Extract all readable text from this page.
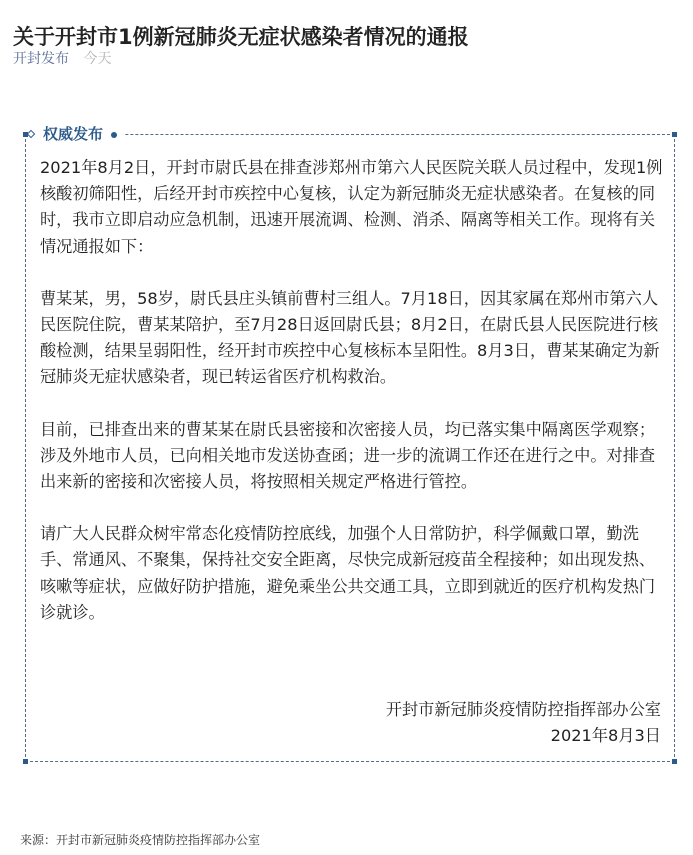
关于开封市1例新冠肺炎无症状感染者情况的通报
开封发布 今天
权威发布

2021年8月2日，开封市尉氏县在排查涉郑州市第六人民医院关联人员过程中，发现1例核酸初筛阳性，后经开封市疾控中心复核，认定为新冠肺炎无症状感染者。在复核的同时，我市立即启动应急机制，迅速开展流调、检测、消杀、隔离等相关工作。现将有关情况通报如下：

曹某某，男，58岁，尉氏县庄头镇前曹村三组人。7月18日，因其家属在郑州市第六人民医院住院，曹某某陪护，至7月28日返回尉氏县；8月2日，在尉氏县人民医院进行核酸检测，结果呈弱阳性，经开封市疾控中心复核标本呈阳性。8月3日，曹某某确定为新冠肺炎无症状感染者，现已转运省医疗机构救治。

目前，已排查出来的曹某某在尉氏县密接和次密接人员，均已落实集中隔离医学观察；涉及外地市人员，已向相关地市发送协查函；进一步的流调工作还在进行之中。对排查出来新的密接和次密接人员，将按照相关规定严格进行管控。

请广大人民群众树牢常态化疫情防控底线，加强个人日常防护，科学佩戴口罩，勤洗手、常通风、不聚集，保持社交安全距离，尽快完成新冠疫苗全程接种；如出现发热、咳嗽等症状，应做好防护措施，避免乘坐公共交通工具，立即到就近的医疗机构发热门诊就诊。

开封市新冠肺炎疫情防控指挥部办公室
2021年8月3日
来源：开封市新冠肺炎疫情防控指挥部办公室
